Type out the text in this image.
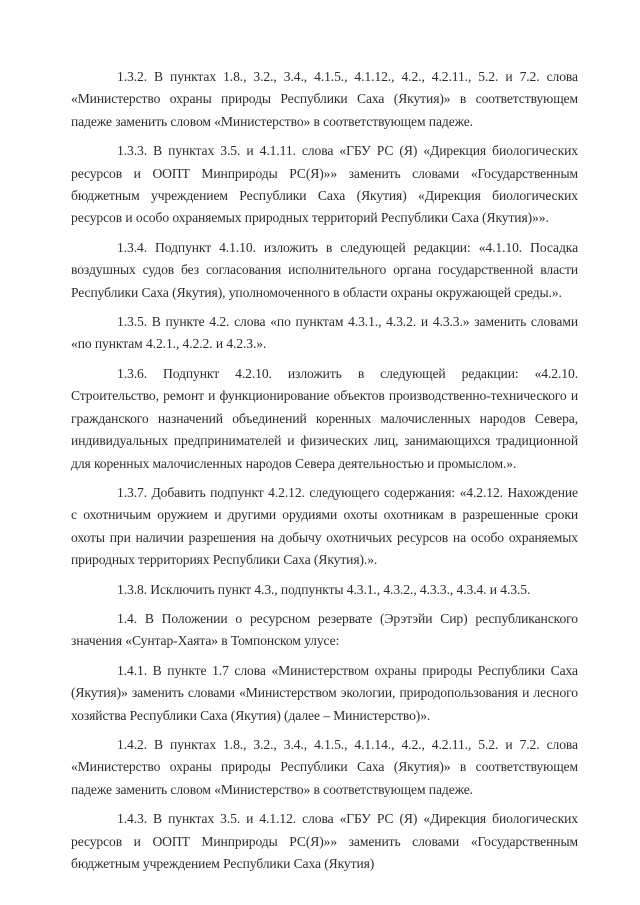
1.3.2. В пунктах 1.8., 3.2., 3.4., 4.1.5., 4.1.12., 4.2., 4.2.11., 5.2. и 7.2. слова «Министерство охраны природы Республики Саха (Якутия)» в соответствующем падеже заменить словом «Министерство» в соответствующем падеже.

1.3.3. В пунктах 3.5. и 4.1.11. слова «ГБУ РС (Я) «Дирекция биологических ресурсов и ООПТ Минприроды РС(Я)»» заменить словами «Государственным бюджетным учреждением Республики Саха (Якутия) «Дирекция биологических ресурсов и особо охраняемых природных территорий Республики Саха (Якутия)»».

1.3.4. Подпункт 4.1.10. изложить в следующей редакции: «4.1.10. Посадка воздушных судов без согласования исполнительного органа государственной власти Республики Саха (Якутия), уполномоченного в области охраны окружающей среды.».

1.3.5. В пункте 4.2. слова «по пунктам 4.3.1., 4.3.2. и 4.3.3.» заменить словами «по пунктам 4.2.1., 4.2.2. и 4.2.3.».

1.3.6. Подпункт 4.2.10. изложить в следующей редакции: «4.2.10. Строительство, ремонт и функционирование объектов производственно-технического и гражданского назначений объединений коренных малочисленных народов Севера, индивидуальных предпринимателей и физических лиц, занимающихся традиционной для коренных малочисленных народов Севера деятельностью и промыслом.».

1.3.7. Добавить подпункт 4.2.12. следующего содержания: «4.2.12. Нахождение с охотничьим оружием и другими орудиями охоты охотникам в разрешенные сроки охоты при наличии разрешения на добычу охотничьих ресурсов на особо охраняемых природных территориях Республики Саха (Якутия).».

1.3.8. Исключить пункт 4.3., подпункты 4.3.1., 4.3.2., 4.3.3., 4.3.4. и 4.3.5.

1.4. В Положении о ресурсном резервате (Эрэтэйи Сир) республиканского значения «Сунтар-Хаята» в Томпонском улусе:

1.4.1. В пункте 1.7 слова «Министерством охраны природы Республики Саха (Якутия)» заменить словами «Министерством экологии, природопользования и лесного хозяйства Республики Саха (Якутия) (далее – Министерство)».

1.4.2. В пунктах 1.8., 3.2., 3.4., 4.1.5., 4.1.14., 4.2., 4.2.11., 5.2. и 7.2. слова «Министерство охраны природы Республики Саха (Якутия)» в соответствующем падеже заменить словом «Министерство» в соответствующем падеже.

1.4.3. В пунктах 3.5. и 4.1.12. слова «ГБУ РС (Я) «Дирекция биологических ресурсов и ООПТ Минприроды РС(Я)»» заменить словами «Государственным бюджетным учреждением Республики Саха (Якутия)
